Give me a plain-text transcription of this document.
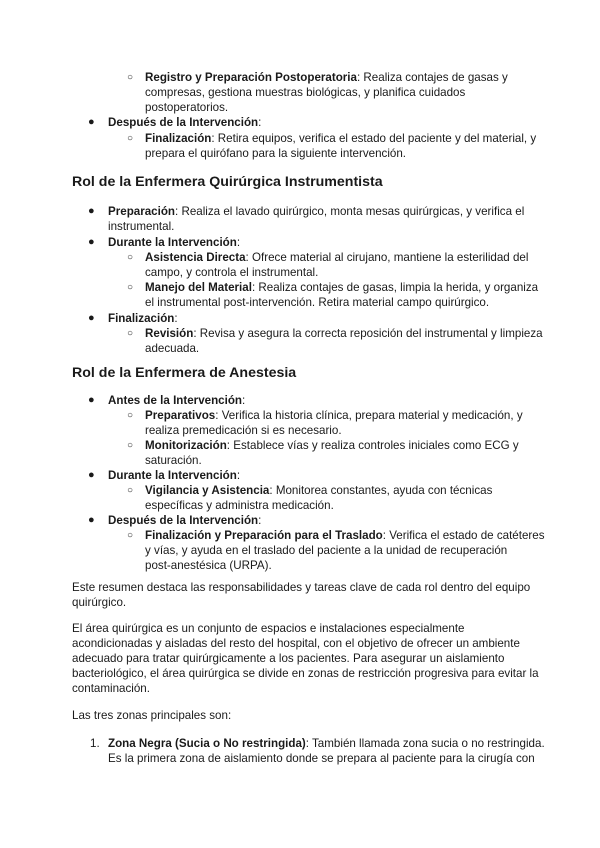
○ Registro y Preparación Postoperatoria: Realiza contajes de gasas y
compresas, gestiona muestras biológicas, y planifica cuidados
postoperatorios.
● Después de la Intervención:
○ Finalización: Retira equipos, verifica el estado del paciente y del material, y
prepara el quirófano para la siguiente intervención.
Rol de la Enfermera Quirúrgica Instrumentista
● Preparación: Realiza el lavado quirúrgico, monta mesas quirúrgicas, y verifica el
instrumental.
● Durante la Intervención:
○ Asistencia Directa: Ofrece material al cirujano, mantiene la esterilidad del
campo, y controla el instrumental.
○ Manejo del Material: Realiza contajes de gasas, limpia la herida, y organiza
el instrumental post-intervención. Retira material campo quirúrgico.
● Finalización:
○ Revisión: Revisa y asegura la correcta reposición del instrumental y limpieza
adecuada.
Rol de la Enfermera de Anestesia
● Antes de la Intervención:
○ Preparativos: Verifica la historia clínica, prepara material y medicación, y
realiza premedicación si es necesario.
○ Monitorización: Establece vías y realiza controles iniciales como ECG y
saturación.
● Durante la Intervención:
○ Vigilancia y Asistencia: Monitorea constantes, ayuda con técnicas
específicas y administra medicación.
● Después de la Intervención:
○ Finalización y Preparación para el Traslado: Verifica el estado de catéteres
y vías, y ayuda en el traslado del paciente a la unidad de recuperación
post-anestésica (URPA).
Este resumen destaca las responsabilidades y tareas clave de cada rol dentro del equipo
quirúrgico.
El área quirúrgica es un conjunto de espacios e instalaciones especialmente
acondicionadas y aisladas del resto del hospital, con el objetivo de ofrecer un ambiente
adecuado para tratar quirúrgicamente a los pacientes. Para asegurar un aislamiento
bacteriológico, el área quirúrgica se divide en zonas de restricción progresiva para evitar la
contaminación.
Las tres zonas principales son:
1. Zona Negra (Sucia o No restringida): También llamada zona sucia o no restringida.
Es la primera zona de aislamiento donde se prepara al paciente para la cirugía con
